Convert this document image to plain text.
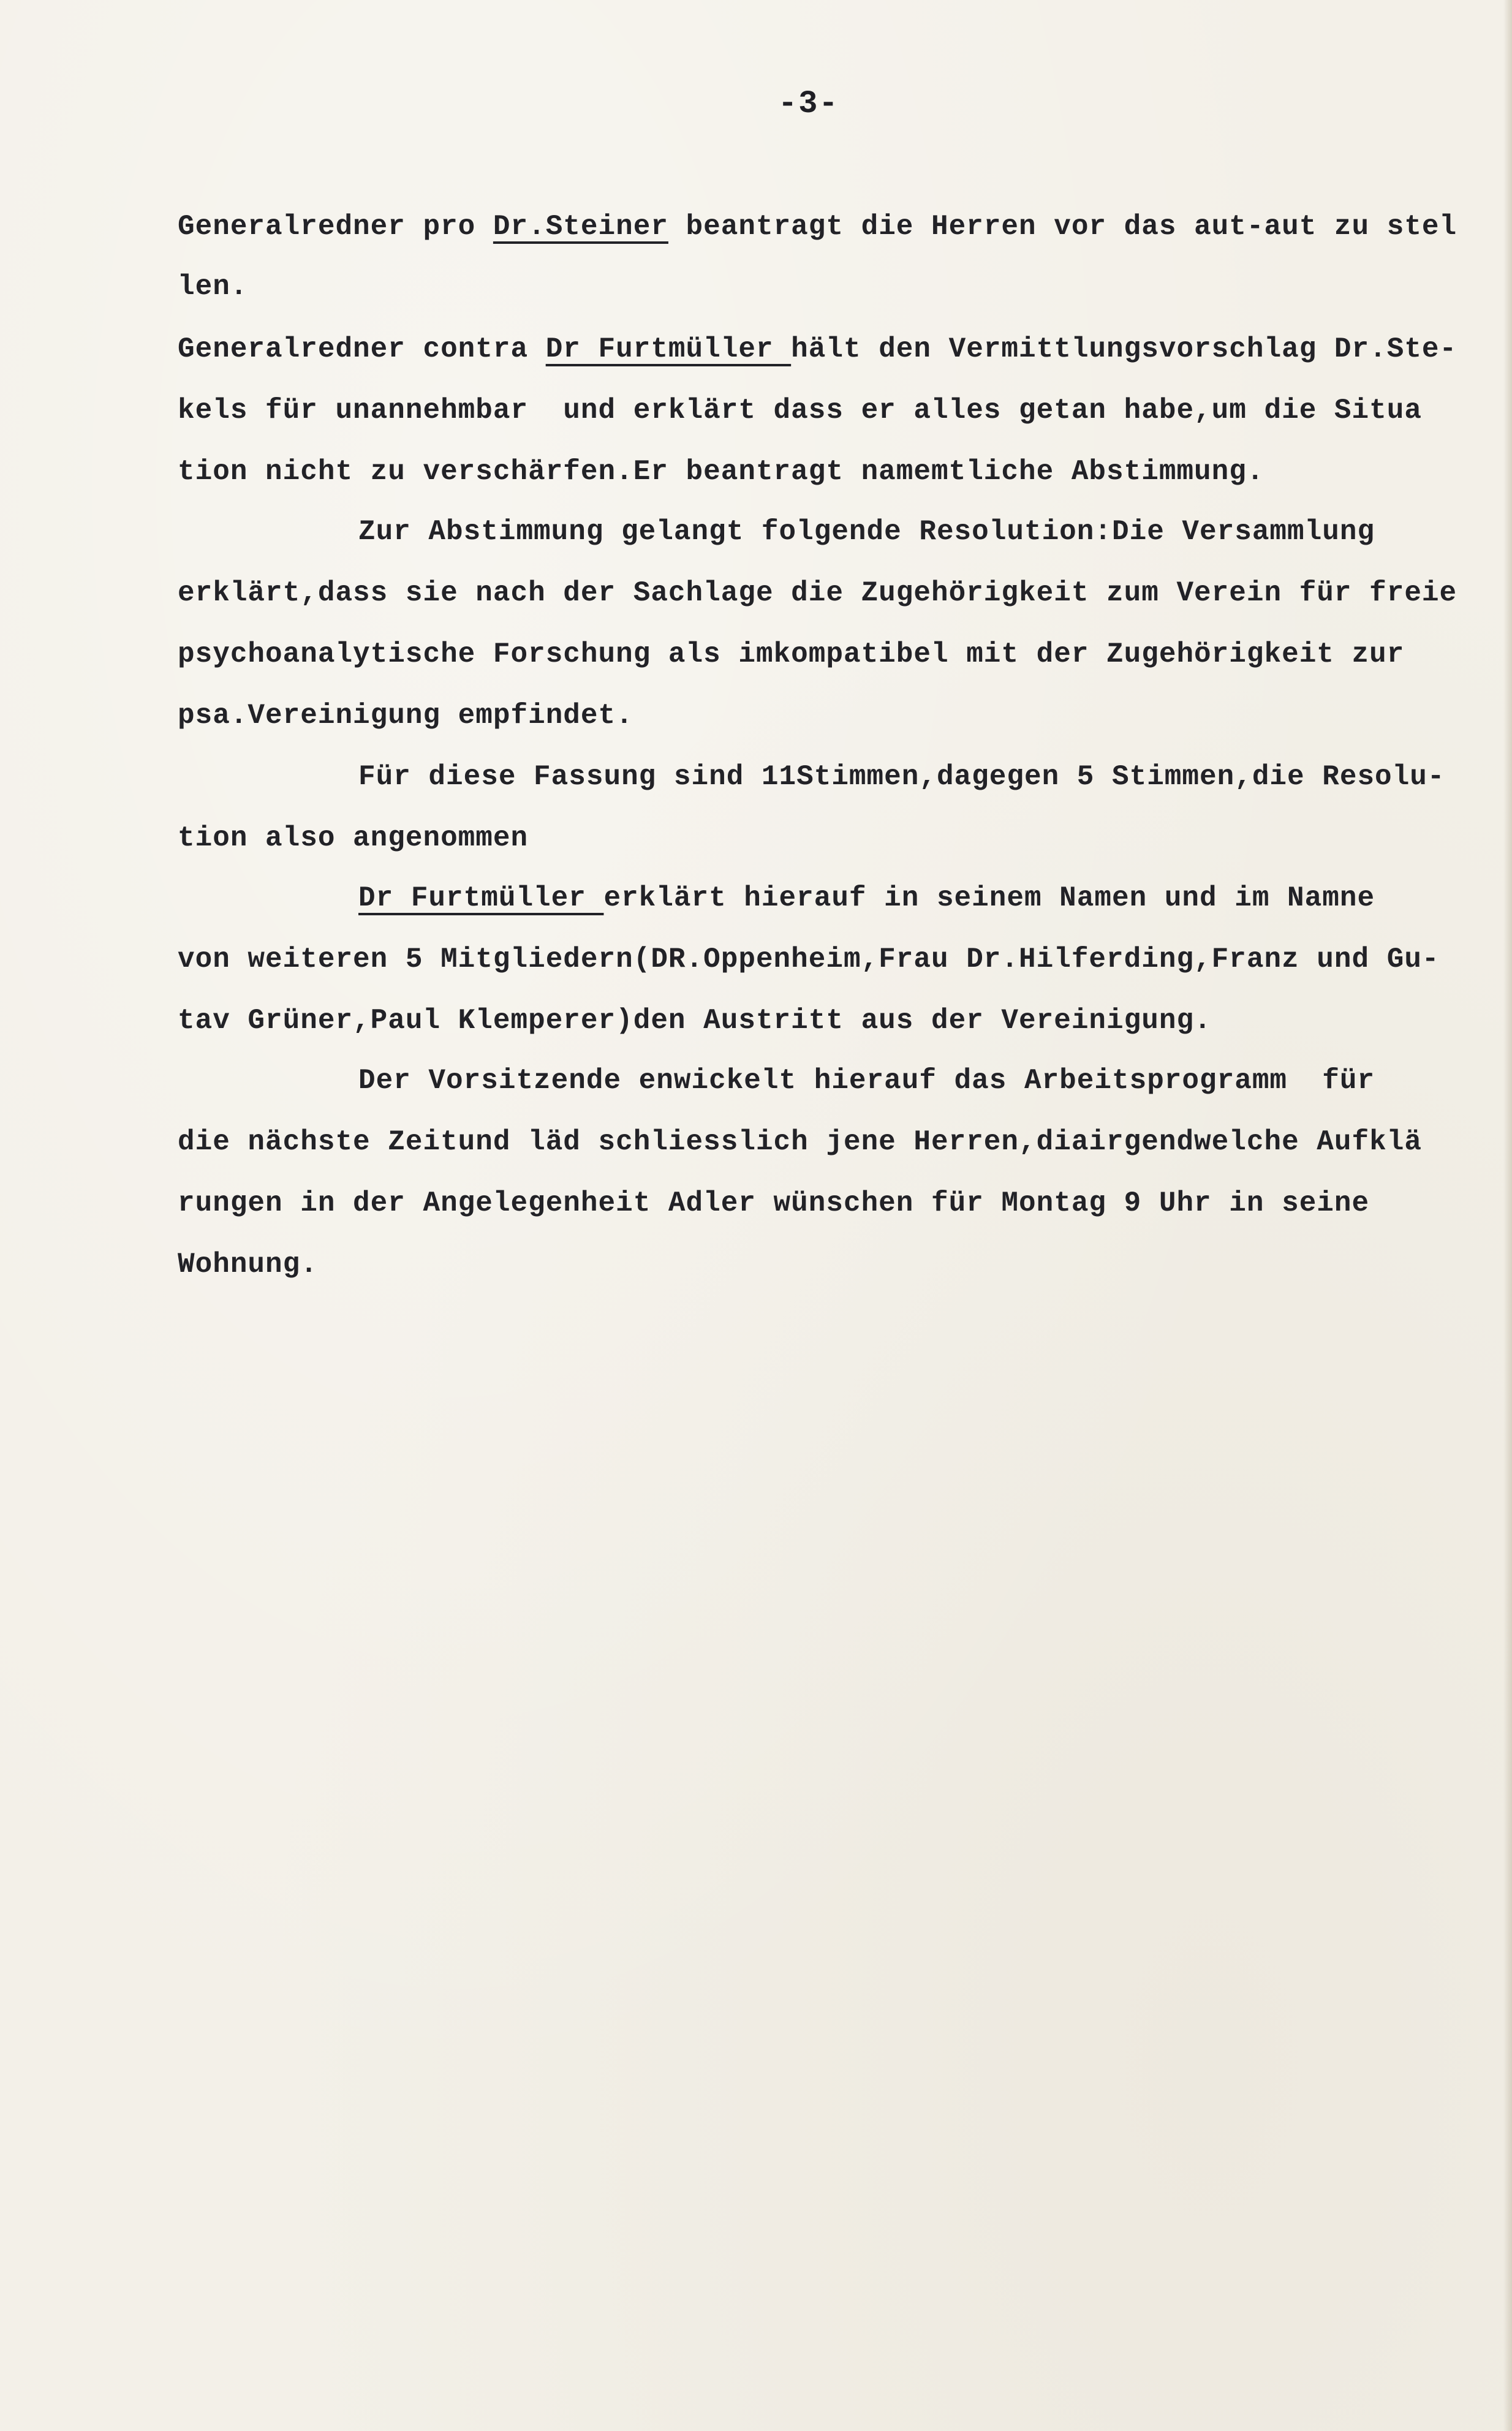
-3-
Generalredner pro Dr.Steiner beantragt die Herren vor das aut-aut zu stel
len.
Generalredner contra Dr Furtmüller hält den Vermittlungsvorschlag Dr.Ste-
kels für unannehmbar  und erklärt dass er alles getan habe,um die Situa
tion nicht zu verschärfen.Er beantragt namemtliche Abstimmung.
Zur Abstimmung gelangt folgende Resolution:Die Versammlung
erklärt,dass sie nach der Sachlage die Zugehörigkeit zum Verein für freie
psychoanalytische Forschung als imkompatibel mit der Zugehörigkeit zur
psa.Vereinigung empfindet.
Für diese Fassung sind 11Stimmen,dagegen 5 Stimmen,die Resolu-
tion also angenommen
Dr Furtmüller erklärt hierauf in seinem Namen und im Namne
von weiteren 5 Mitgliedern(DR.Oppenheim,Frau Dr.Hilferding,Franz und Gu-
tav Grüner,Paul Klemperer)den Austritt aus der Vereinigung.
Der Vorsitzende enwickelt hierauf das Arbeitsprogramm  für
die nächste Zeitund läd schliesslich jene Herren,diairgendwelche Aufklä
rungen in der Angelegenheit Adler wünschen für Montag 9 Uhr in seine
Wohnung.
